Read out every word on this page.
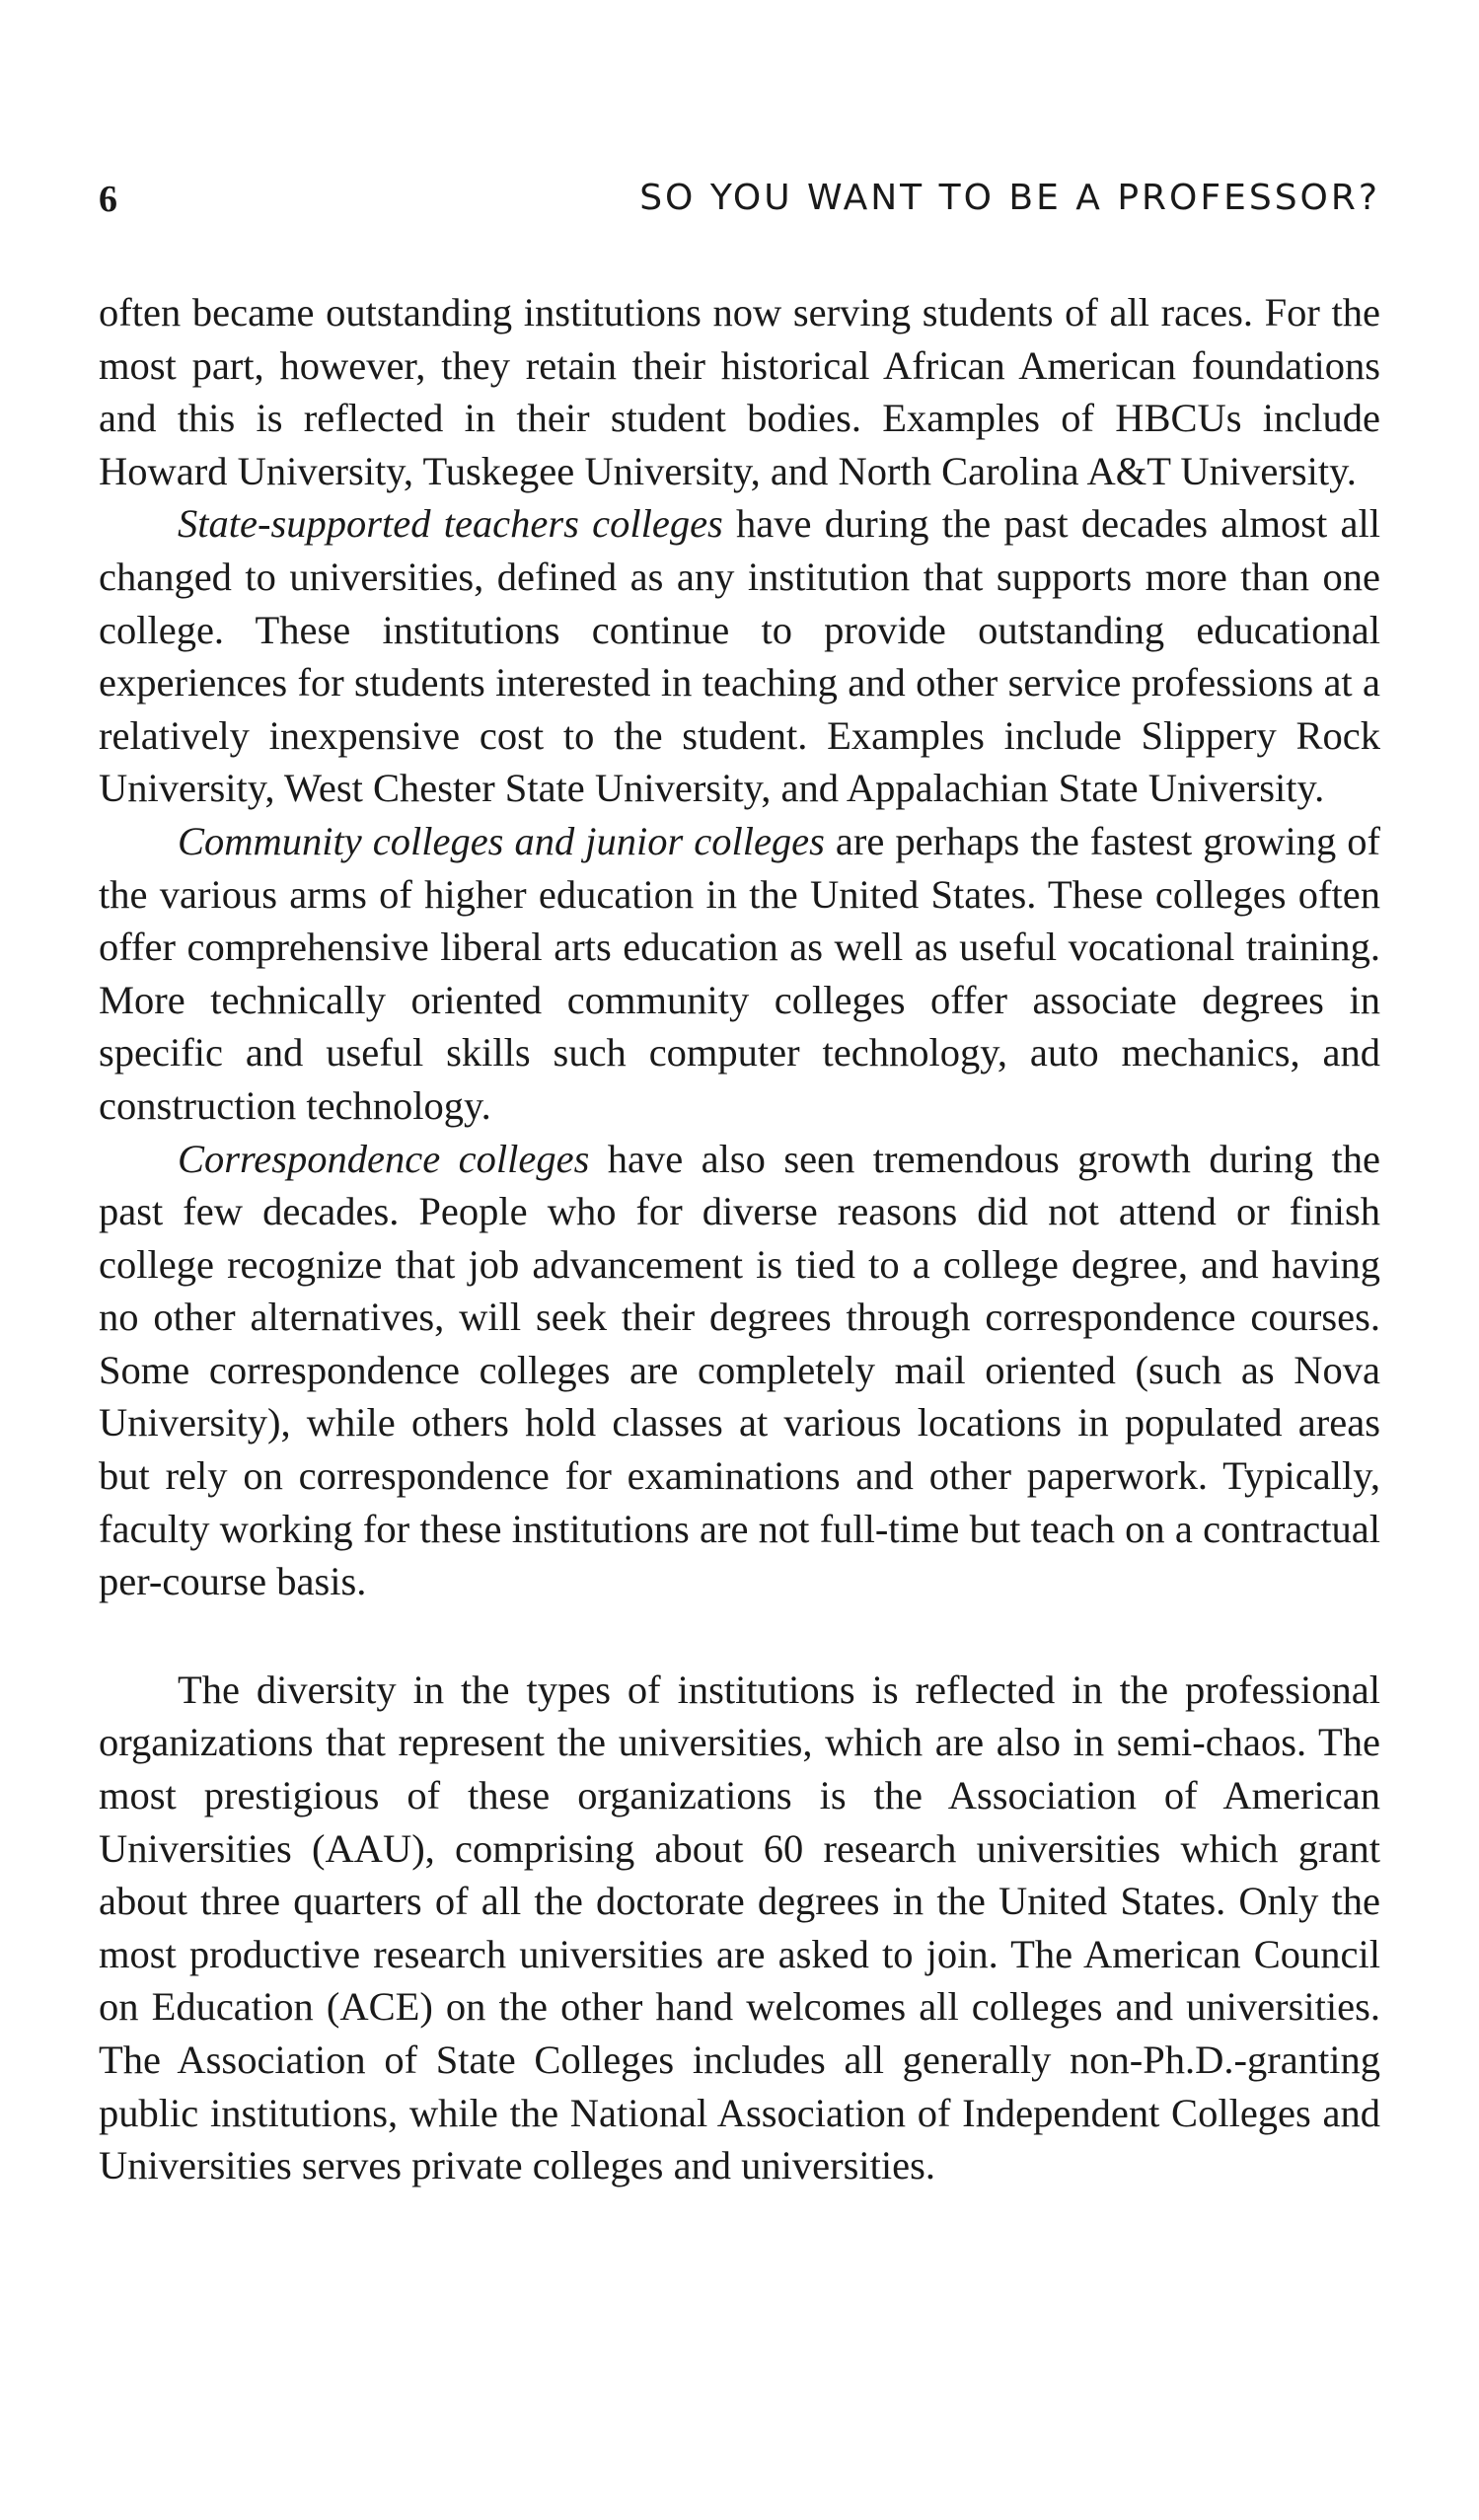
6	SO YOU WANT TO BE A PROFESSOR?

often became outstanding institutions now serving students of all races. For the most part, however, they retain their historical African American foundations and this is reflected in their student bodies. Examples of HBCUs include Howard University, Tuskegee University, and North Carolina A&T University.

State-supported teachers colleges have during the past decades almost all changed to universities, defined as any institution that supports more than one college. These institutions continue to provide outstanding educational experiences for students interested in teaching and other service professions at a relatively inexpensive cost to the student. Examples include Slippery Rock University, West Chester State University, and Appalachian State University.

Community colleges and junior colleges are perhaps the fastest growing of the various arms of higher education in the United States. These colleges often offer comprehensive liberal arts education as well as useful vocational training. More technically oriented community colleges offer associate degrees in specific and useful skills such computer technology, auto mechanics, and construction technology.

Correspondence colleges have also seen tremendous growth during the past few decades. People who for diverse reasons did not attend or finish college recognize that job advancement is tied to a college degree, and having no other alternatives, will seek their degrees through correspondence courses. Some correspondence colleges are completely mail oriented (such as Nova University), while others hold classes at various locations in populated areas but rely on correspondence for examinations and other paperwork. Typically, faculty working for these institutions are not full-time but teach on a contractual per-course basis.

The diversity in the types of institutions is reflected in the professional organizations that represent the universities, which are also in semi-chaos. The most prestigious of these organizations is the Association of American Universities (AAU), comprising about 60 research universities which grant about three quarters of all the doctorate degrees in the United States. Only the most productive research universities are asked to join. The American Council on Education (ACE) on the other hand welcomes all colleges and universities. The Association of State Colleges includes all generally non-Ph.D.-granting public institutions, while the National Association of Independent Colleges and Universities serves private colleges and universities.
